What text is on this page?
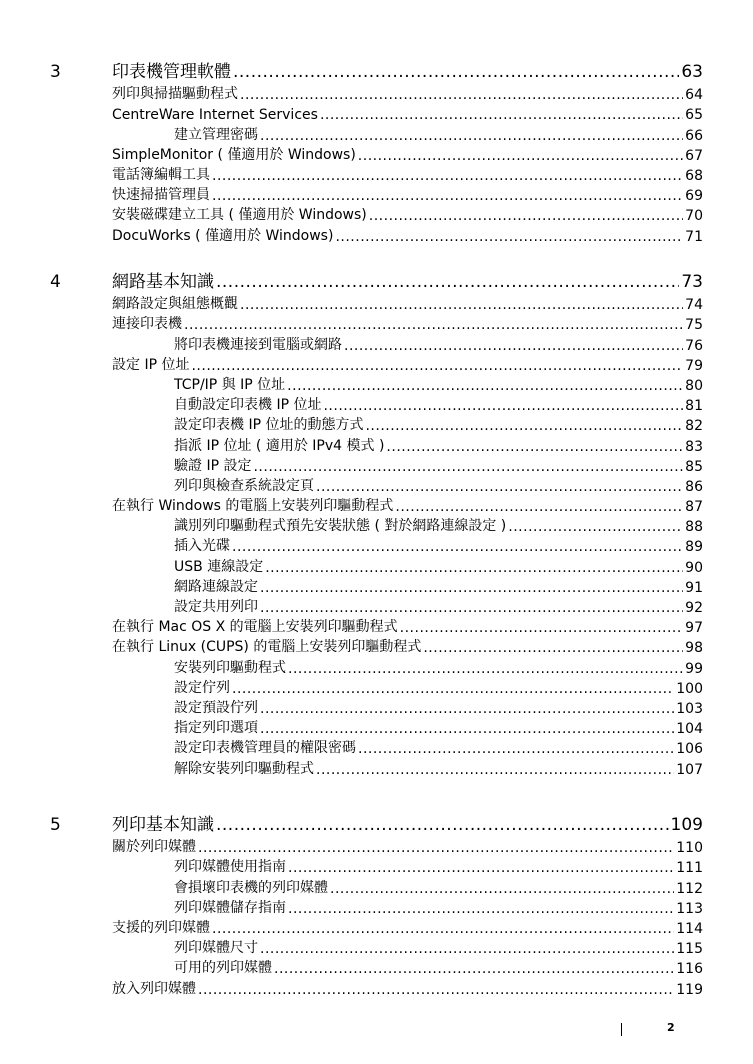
3	印表機管理軟體 .....	63
列印與掃描驅動程式 .....	64
CentreWare Internet Services .....	65
建立管理密碼 .....	66
SimpleMonitor ( 僅適用於 Windows) .....	67
電話簿編輯工具 .....	68
快速掃描管理員 .....	69
安裝磁碟建立工具 ( 僅適用於 Windows) .....	70
DocuWorks ( 僅適用於 Windows) .....	71
4	網路基本知識 .....	73
網路設定與組態概觀 .....	74
連接印表機 .....	75
將印表機連接到電腦或網路 .....	76
設定 IP 位址 .....	79
TCP/IP 與 IP 位址 .....	80
自動設定印表機 IP 位址 .....	81
設定印表機 IP 位址的動態方式 .....	82
指派 IP 位址 ( 適用於 IPv4 模式 ) .....	83
驗證 IP 設定 .....	85
列印與檢查系統設定頁 .....	86
在執行 Windows 的電腦上安裝列印驅動程式 .....	87
識別列印驅動程式預先安裝狀態 ( 對於網路連線設定 ) .....	88
插入光碟 .....	89
USB 連線設定 .....	90
網路連線設定 .....	91
設定共用列印 .....	92
在執行 Mac OS X 的電腦上安裝列印驅動程式 .....	97
在執行 Linux (CUPS) 的電腦上安裝列印驅動程式 .....	98
安裝列印驅動程式 .....	99
設定佇列 .....	100
設定預設佇列 .....	103
指定列印選項 .....	104
設定印表機管理員的權限密碼 .....	106
解除安裝列印驅動程式 .....	107
5	列印基本知識 .....	109
關於列印媒體 .....	110
列印媒體使用指南 .....	111
會損壞印表機的列印媒體 .....	112
列印媒體儲存指南 .....	113
支援的列印媒體 .....	114
列印媒體尺寸 .....	115
可用的列印媒體 .....	116
放入列印媒體 .....	119
2
